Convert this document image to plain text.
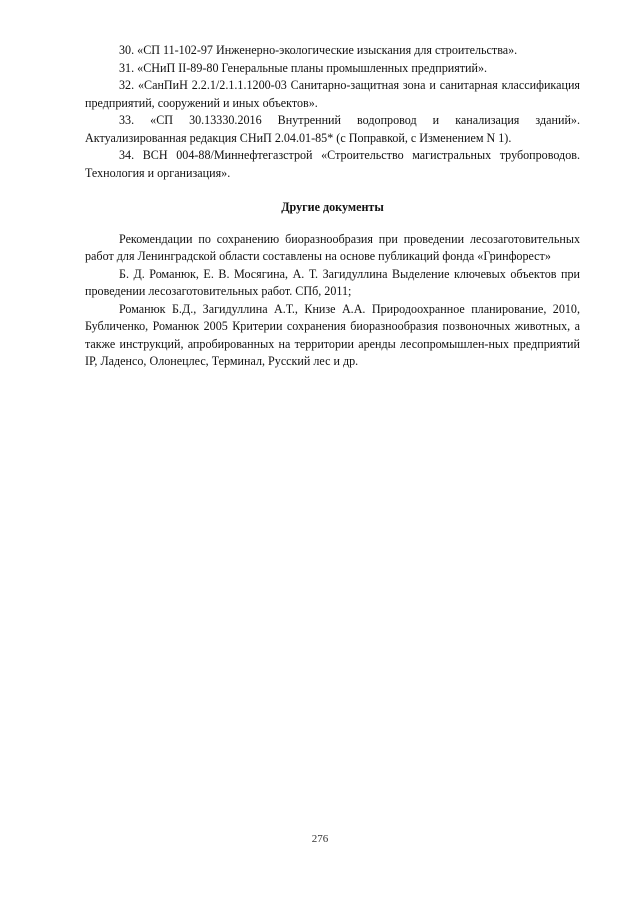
30. «СП 11-102-97 Инженерно-экологические изыскания для строительства».

31. «СНиП II-89-80 Генеральные планы промышленных предприятий».

32. «СанПиН 2.2.1/2.1.1.1200-03 Санитарно-защитная зона и санитарная классификация предприятий, сооружений и иных объектов».

33. «СП 30.13330.2016 Внутренний водопровод и канализация зданий». Актуализированная редакция СНиП 2.04.01-85* (с Поправкой, с Изменением N 1).

34. ВСН 004-88/Миннефтегазстрой «Строительство магистральных трубопроводов. Технология и организация».

Другие документы

Рекомендации по сохранению биоразнообразия при проведении лесозаготовительных работ для Ленинградской области составлены на основе публикаций фонда «Гринфорест»

Б. Д. Романюк, Е. В. Мосягина, А. Т. Загидуллина Выделение ключевых объектов при проведении лесозаготовительных работ. СПб, 2011;

Романюк Б.Д., Загидуллина А.Т., Книзе А.А. Природоохранное планирование, 2010, Бубличенко, Романюк 2005 Критерии сохранения биоразнообразия позвоночных животных, а также инструкций, апробированных на территории аренды лесопромышлен-ных предприятий IP, Ладенсо, Олонецлес, Терминал, Русский лес и др.

276
